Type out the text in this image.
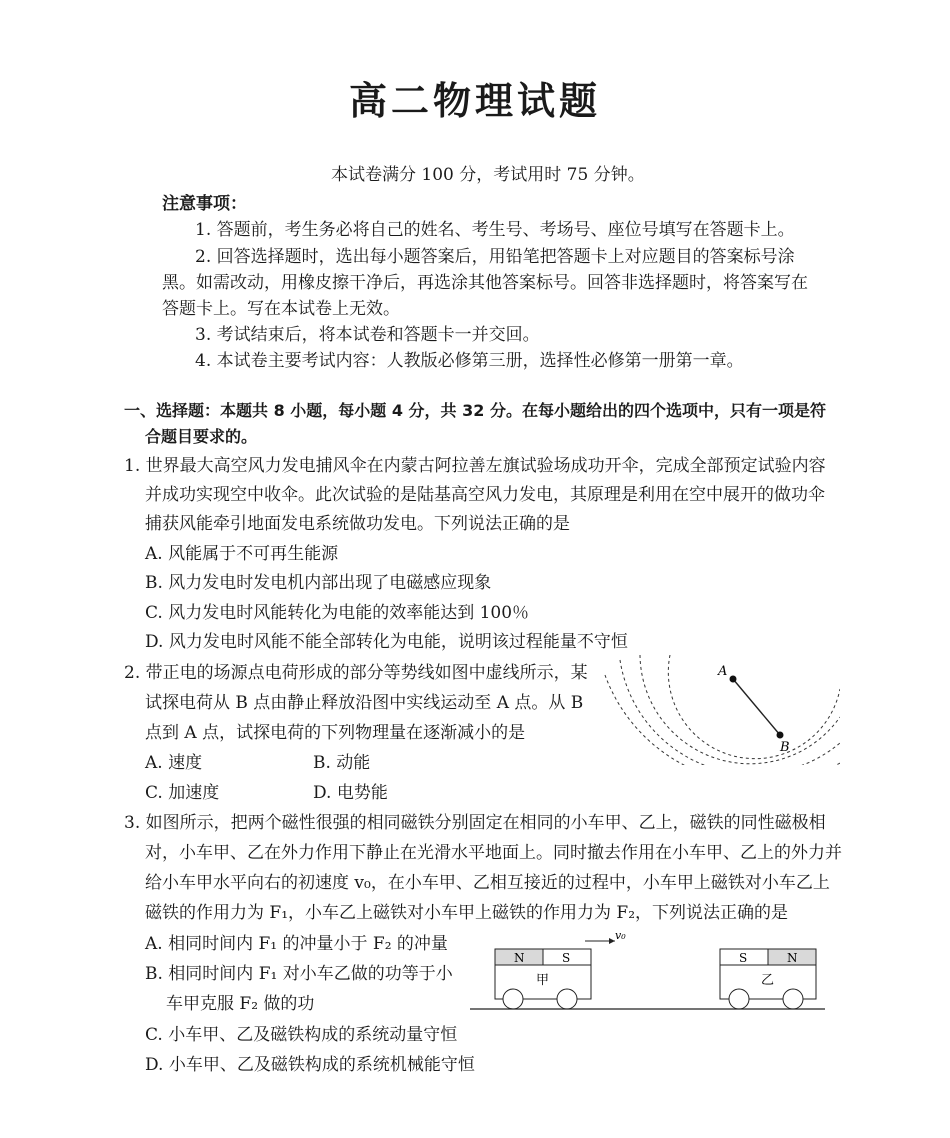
高二物理试题
本试卷满分 100 分，考试用时 75 分钟。
注意事项：
1. 答题前，考生务必将自己的姓名、考生号、考场号、座位号填写在答题卡上。
2. 回答选择题时，选出每小题答案后，用铅笔把答题卡上对应题目的答案标号涂
黑。如需改动，用橡皮擦干净后，再选涂其他答案标号。回答非选择题时，将答案写在
答题卡上。写在本试卷上无效。
3. 考试结束后，将本试卷和答题卡一并交回。
4. 本试卷主要考试内容：人教版必修第三册，选择性必修第一册第一章。
一、选择题：本题共 8 小题，每小题 4 分，共 32 分。在每小题给出的四个选项中，只有一项是符
合题目要求的。
1. 世界最大高空风力发电捕风伞在内蒙古阿拉善左旗试验场成功开伞，完成全部预定试验内容
并成功实现空中收伞。此次试验的是陆基高空风力发电，其原理是利用在空中展开的做功伞
捕获风能牵引地面发电系统做功发电。下列说法正确的是
A. 风能属于不可再生能源
B. 风力发电时发电机内部出现了电磁感应现象
C. 风力发电时风能转化为电能的效率能达到 100％
D. 风力发电时风能不能全部转化为电能，说明该过程能量不守恒
2. 带正电的场源点电荷形成的部分等势线如图中虚线所示，某
试探电荷从 B 点由静止释放沿图中实线运动至 A 点。从 B
点到 A 点，试探电荷的下列物理量在逐渐减小的是
A. 速度	B. 动能
C. 加速度	D. 电势能
A
B
3. 如图所示，把两个磁性很强的相同磁铁分别固定在相同的小车甲、乙上，磁铁的同性磁极相
对，小车甲、乙在外力作用下静止在光滑水平地面上。同时撤去作用在小车甲、乙上的外力并
给小车甲水平向右的初速度 v₀，在小车甲、乙相互接近的过程中，小车甲上磁铁对小车乙上
磁铁的作用力为 F₁，小车乙上磁铁对小车甲上磁铁的作用力为 F₂，下列说法正确的是
A. 相同时间内 F₁ 的冲量小于 F₂ 的冲量
B. 相同时间内 F₁ 对小车乙做的功等于小
车甲克服 F₂ 做的功
C. 小车甲、乙及磁铁构成的系统动量守恒
D. 小车甲、乙及磁铁构成的系统机械能守恒
v₀
N	S
甲
S	N
乙
